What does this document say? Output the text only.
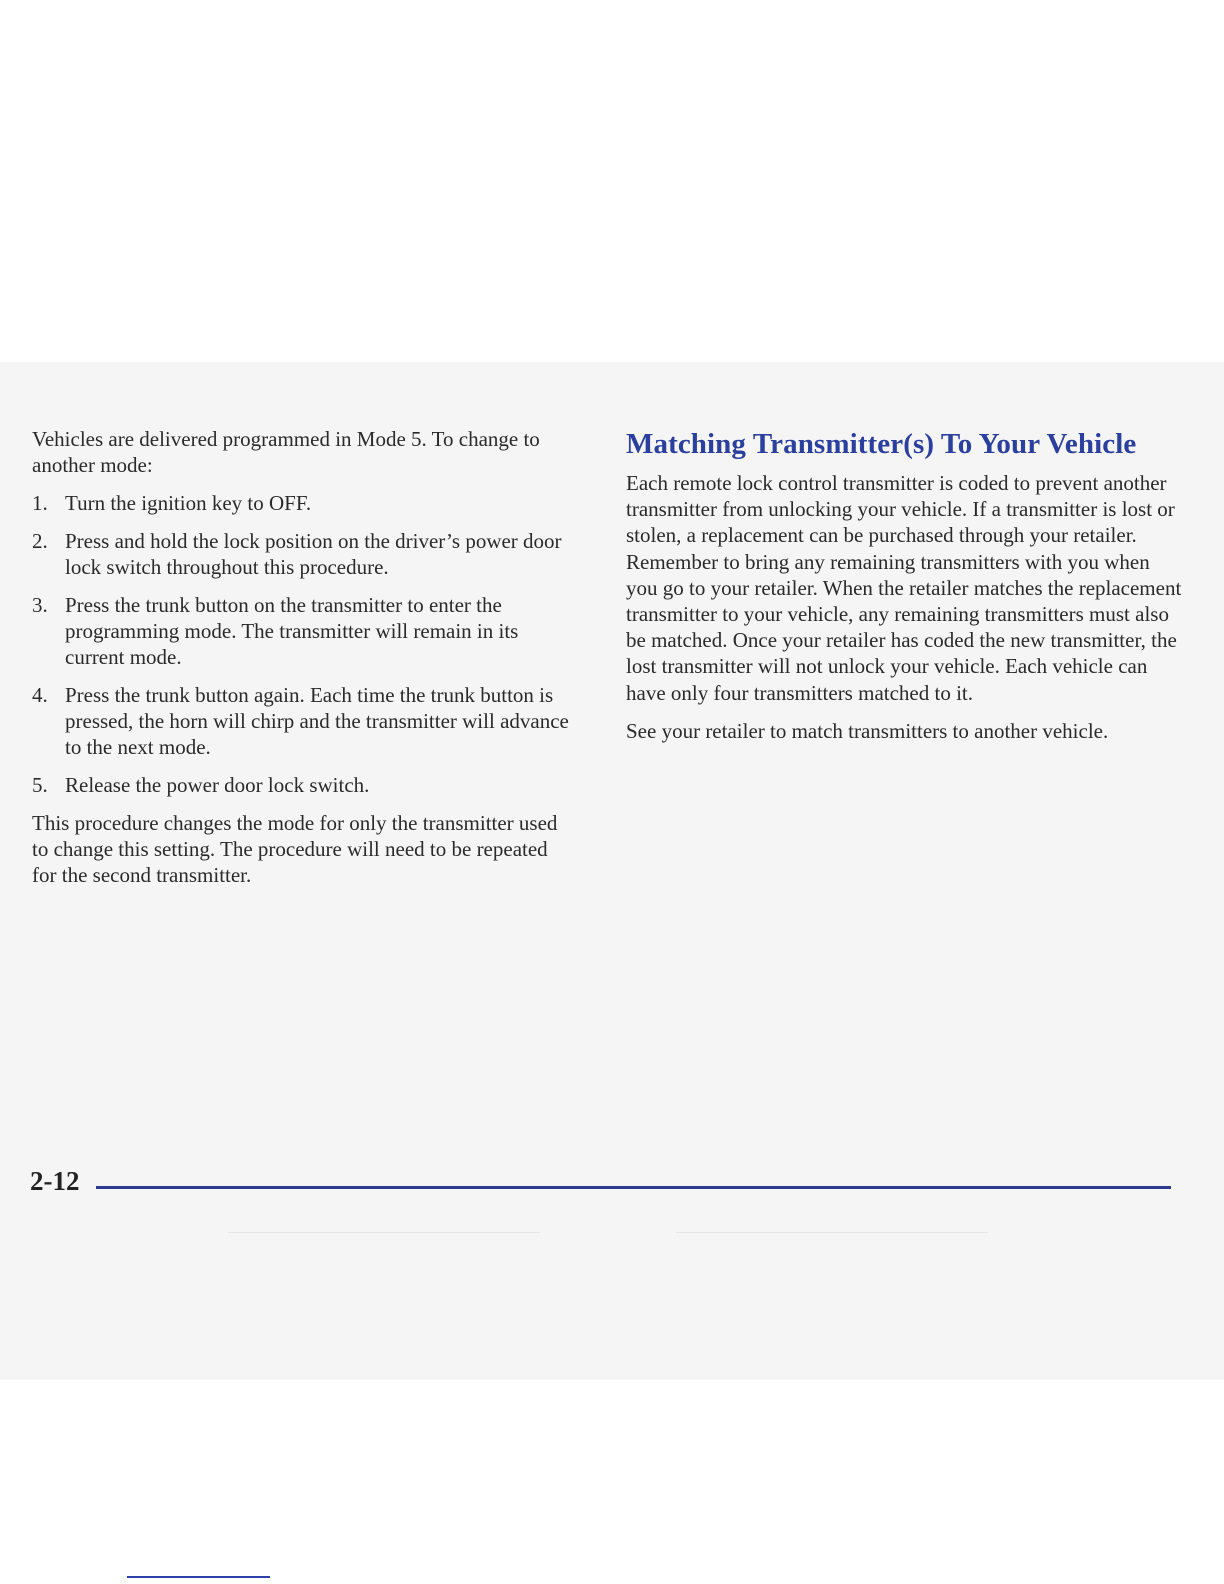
Vehicles are delivered programmed in Mode 5. To change to another mode:

1. Turn the ignition key to OFF.
2. Press and hold the lock position on the driver’s power door lock switch throughout this procedure.
3. Press the trunk button on the transmitter to enter the programming mode. The transmitter will remain in its current mode.
4. Press the trunk button again. Each time the trunk button is pressed, the horn will chirp and the transmitter will advance to the next mode.
5. Release the power door lock switch.

This procedure changes the mode for only the transmitter used to change this setting. The procedure will need to be repeated for the second transmitter.

Matching Transmitter(s) To Your Vehicle

Each remote lock control transmitter is coded to prevent another transmitter from unlocking your vehicle. If a transmitter is lost or stolen, a replacement can be purchased through your retailer. Remember to bring any remaining transmitters with you when you go to your retailer. When the retailer matches the replacement transmitter to your vehicle, any remaining transmitters must also be matched. Once your retailer has coded the new transmitter, the lost transmitter will not unlock your vehicle. Each vehicle can have only four transmitters matched to it.

See your retailer to match transmitters to another vehicle.

2-12
